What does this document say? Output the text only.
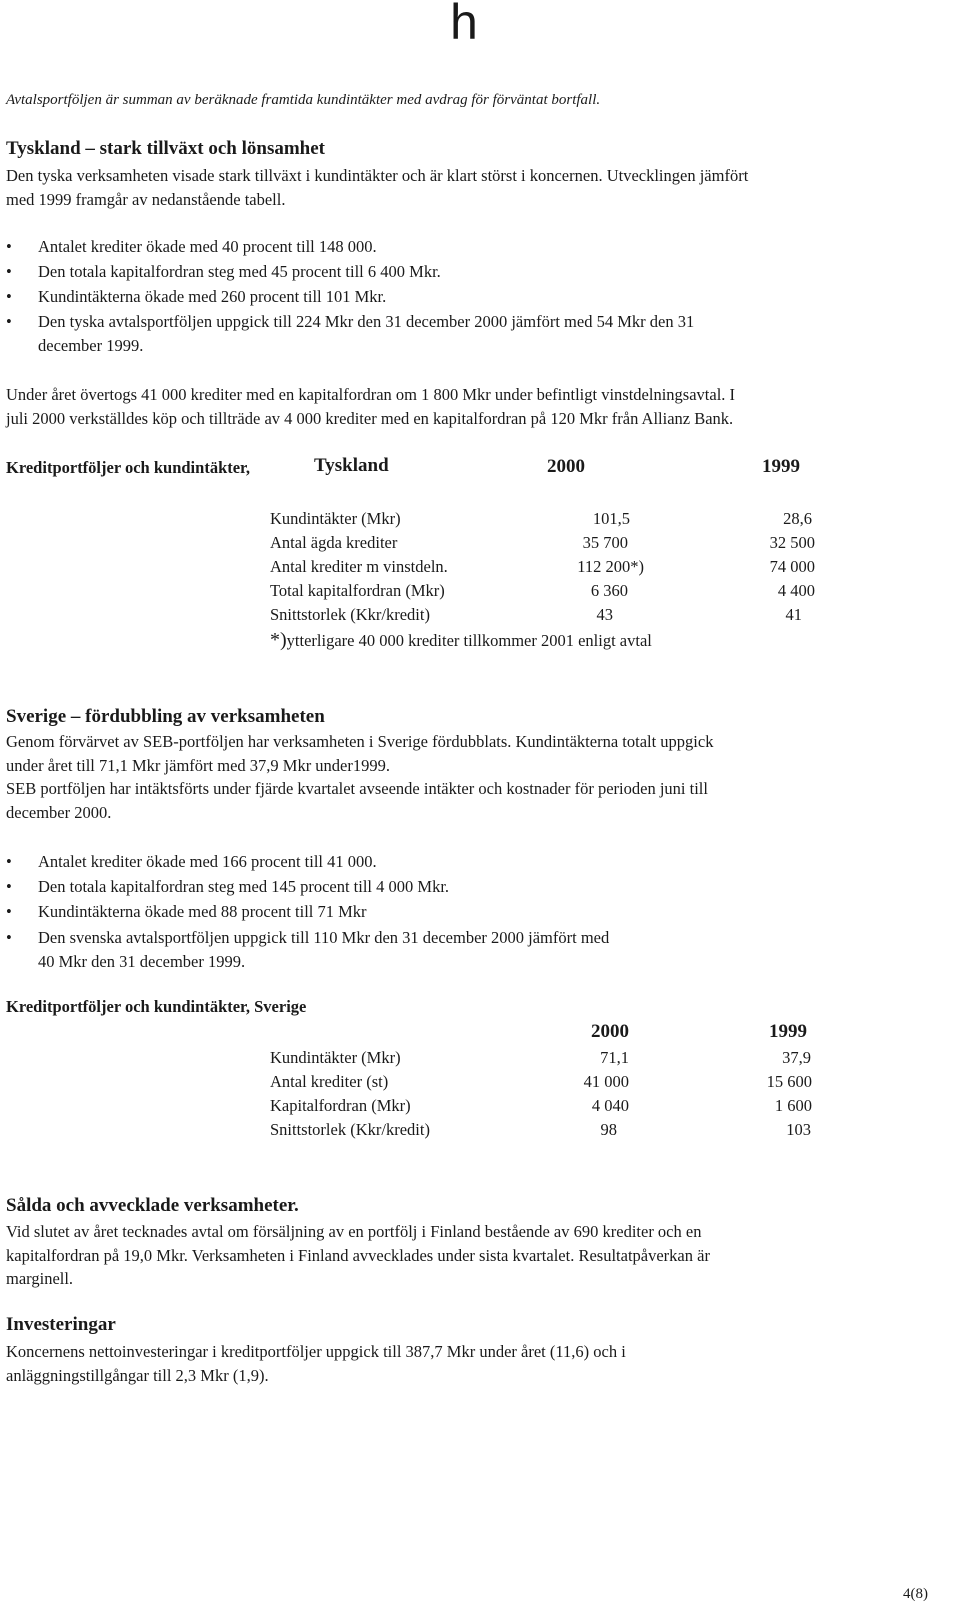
h
Avtalsportföljen är summan av beräknade framtida kundintäkter med avdrag för förväntat bortfall.
Tyskland – stark tillväxt och lönsamhet
Den tyska verksamheten visade stark tillväxt i kundintäkter och är klart störst i koncernen. Utvecklingen jämfört
med 1999 framgår av nedanstående tabell.
• Antalet krediter ökade med 40 procent till 148 000.
• Den totala kapitalfordran steg med 45 procent till 6 400 Mkr.
• Kundintäkterna ökade med 260 procent till 101 Mkr.
• Den tyska avtalsportföljen uppgick till 224 Mkr den 31 december 2000 jämfört med 54 Mkr den 31
december 1999.
Under året övertogs 41 000 krediter med en kapitalfordran om 1 800 Mkr under befintligt vinstdelningsavtal. I
juli 2000 verkställdes köp och tillträde av 4 000 krediter med en kapitalfordran på 120 Mkr från Allianz Bank.
Kreditportföljer och kundintäkter,	Tyskland	2000	1999
Kundintäkter (Mkr)	101,5	28,6
Antal ägda krediter	35 700	32 500
Antal krediter m vinstdeln.	112 200*)	74 000
Total kapitalfordran (Mkr)	6 360	4 400
Snittstorlek (Kkr/kredit)	43	41
*)ytterligare 40 000 krediter tillkommer 2001 enligt avtal
Sverige – fördubbling av verksamheten
Genom förvärvet av SEB-portföljen har verksamheten i Sverige fördubblats. Kundintäkterna totalt uppgick
under året till 71,1 Mkr jämfört med 37,9 Mkr under1999.
SEB portföljen har intäktsförts under fjärde kvartalet avseende intäkter och kostnader för perioden juni till
december 2000.
• Antalet krediter ökade med 166 procent till 41 000.
• Den totala kapitalfordran steg med 145 procent till 4 000 Mkr.
• Kundintäkterna ökade med 88 procent till 71 Mkr
• Den svenska avtalsportföljen uppgick till 110 Mkr den 31 december 2000 jämfört med
40 Mkr den 31 december 1999.
Kreditportföljer och kundintäkter, Sverige
2000	1999
Kundintäkter (Mkr)	71,1	37,9
Antal krediter (st)	41 000	15 600
Kapitalfordran (Mkr)	4 040	1 600
Snittstorlek (Kkr/kredit)	98	103
Sålda och avvecklade verksamheter.
Vid slutet av året tecknades avtal om försäljning av en portfölj i Finland bestående av 690 krediter och en
kapitalfordran på 19,0 Mkr. Verksamheten i Finland avvecklades under sista kvartalet. Resultatpåverkan är
marginell.
Investeringar
Koncernens nettoinvesteringar i kreditportföljer uppgick till 387,7 Mkr under året (11,6) och i
anläggningstillgångar till 2,3 Mkr (1,9).
4(8)
